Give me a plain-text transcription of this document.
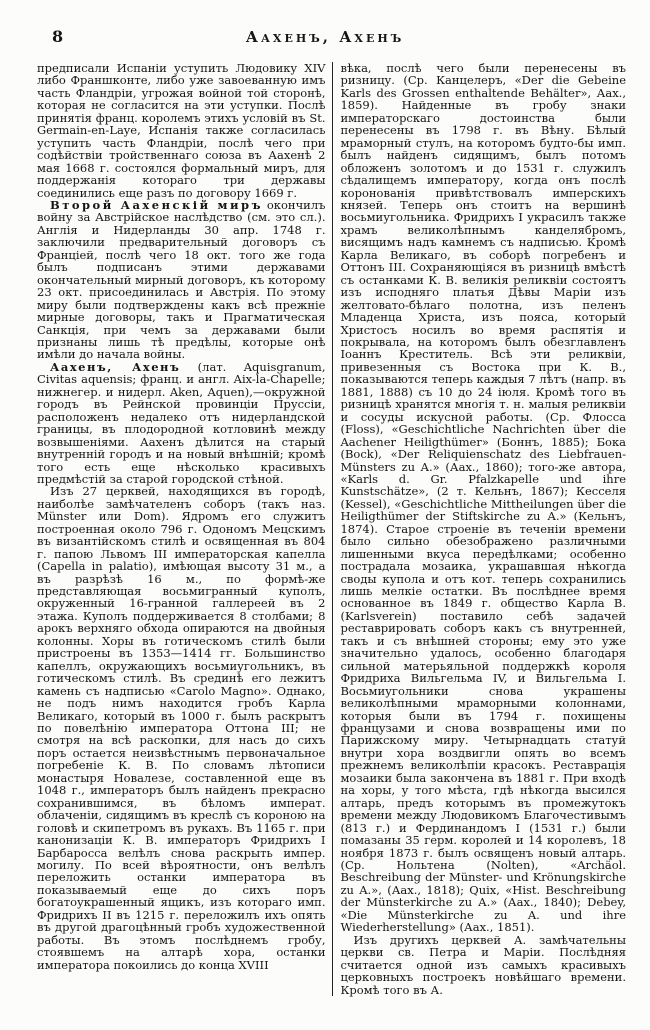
8	Аахенъ, Ахенъ

предписали Испаніи уступить Людовику XIV либо Франшконте, либо уже завоеванную имъ часть Фландріи, угрожая войной той сторонѣ, которая не согласится на эти уступки. Послѣ принятія франц. королемъ этихъ условій въ St. Germain-en-Laye, Испанія также согласилась уступить часть Фландріи, послѣ чего при содѣйствіи тройственнаго союза въ Аахенѣ 2 мая 1668 г. состоялся формальный миръ, для поддержанія котораго три державы соединились еще разъ по договору 1669 г.

Второй Аахенскій миръ окончилъ войну за Австрійское наслѣдство (см. это сл.). Англія и Нидерланды 30 апр. 1748 г. заключили предварительный договоръ съ Франціей, послѣ чего 18 окт. того же года былъ подписанъ этими державами окончательный мирный договоръ, къ которому 23 окт. присоединилась и Австрія. По этому миру были подтверждены какъ всѣ прежніе мирные договоры, такъ и Прагматическая Санкція, при чемъ за державами были признаны лишь тѣ предѣлы, которые онѣ имѣли до начала войны.

Аахенъ, Ахенъ (лат. Aquisgranum, Civitas aquensis; франц. и англ. Aix-la-Chapelle; нижнегер. и нидерл. Aken, Aquen),—окружной городъ въ Рейнской провинціи Пруссіи, расположенъ недалеко отъ нидерландской границы, въ плодородной котловинѣ между возвышеніями. Аахенъ дѣлится на старый внутренній городъ и на новый внѣшній; кромѣ того есть еще нѣсколько красивыхъ предмѣстій за старой городской стѣной.

Изъ 27 церквей, находящихся въ городѣ, наиболѣе замѣчателенъ соборъ (такъ наз. Münster или Dom). Ядромъ его служитъ построенная около 796 г. Одономъ Мецскимъ въ византійскомъ стилѣ и освященная въ 804 г. папою Львомъ III императорская капелла (Capella in palatio), имѣющая высоту 31 м., а въ разрѣзѣ 16 м., по формѣ-же представляющая восьмигранный куполъ, окруженный 16-гранной галлереей въ 2 этажа. Куполъ поддерживается 8 столбами; 8 арокъ верхняго обхода опираются на двойныя колонны. Хоры въ готическомъ стилѣ были пристроены въ 1353—1414 гг. Большинство капеллъ, окружающихъ восьмиугольникъ, въ готическомъ стилѣ. Въ срединѣ его лежитъ камень съ надписью «Carolo Magno». Однако, не подъ нимъ находится гробъ Карла Великаго, который въ 1000 г. былъ раскрытъ по повелѣнію императора Оттона III; не смотря на всѣ раскопки, для насъ до сихъ поръ остается неизвѣстнымъ первоначальное погребеніе К. В. По словамъ лѣтописи монастыря Новалезе, составленной еще въ 1048 г., императоръ былъ найденъ прекрасно сохранившимся, въ бѣломъ императ. облаченіи, сидящимъ въ креслѣ съ короною на головѣ и скипетромъ въ рукахъ. Въ 1165 г. при канонизаціи К. В. императоръ Фридрихъ I Барбаросса велѣлъ снова раскрыть импер. могилу. По всей вѣроятности, онъ велѣлъ переложить останки императора въ показываемый еще до сихъ поръ богатоукрашенный ящикъ, изъ котораго имп. Фридрихъ II въ 1215 г. переложилъ ихъ опять въ другой драгоцѣнный гробъ художественной работы. Въ этомъ послѣднемъ гробу, стоявшемъ на алтарѣ хора, останки императора покоились до конца XVIII

вѣка, послѣ чего были перенесены въ ризницу. (Ср. Канцелеръ, «Der die Gebeine Karls des Grossen enthaltende Behälter», Аах., 1859). Найденные въ гробу знаки императорскаго достоинства были перенесены въ 1798 г. въ Вѣну. Бѣлый мраморный стулъ, на которомъ будто-бы имп. былъ найденъ сидящимъ, былъ потомъ обложенъ золотомъ и до 1531 г. служилъ сѣдалищемъ императору, когда онъ послѣ коронованія привѣтствовалъ имперскихъ князей. Теперь онъ стоитъ на вершинѣ восьмиугольника. Фридрихъ I украсилъ также храмъ великолѣпнымъ канделябромъ, висящимъ надъ камнемъ съ надписью. Кромѣ Карла Великаго, въ соборѣ погребенъ и Оттонъ III. Сохраняющіяся въ ризницѣ вмѣстѣ съ останками К. В. великія реликвіи состоятъ изъ исподняго платья Дѣвы Маріи изъ желтовато-бѣлаго полотна, изъ пеленъ Младенца Христа, изъ пояса, который Христосъ носилъ во время распятія и покрывала, на которомъ былъ обезглавленъ Іоаннъ Креститель. Всѣ эти реликвіи, привезенныя съ Востока при К. В., показываются теперь каждыя 7 лѣтъ (напр. въ 1881, 1888) съ 10 до 24 іюля. Кромѣ того въ ризницѣ хранятся многія т. н. малыя реликвіи и сосуды искусной работы. (Ср. Флосса (Floss), «Geschichtliche Nachrichten über die Aachener Heiligthümer» (Боннъ, 1885); Бока (Bock), «Der Reliquienschatz des Liebfrauen-Münsters zu A.» (Аах., 1860); того-же автора, «Karls d. Gr. Pfalzkapelle und ihre Kunstschätze», (2 т. Кельнъ, 1867); Кесселя (Kessel), «Geschichtliche Mittheilungen über die Heiligthümer der Stiftskirche zu A.» (Кельнъ, 1874). Старое строеніе въ теченіи времени было сильно обезображено различными лишенными вкуса передѣлками; особенно пострадала мозаика, украшавшая нѣкогда своды купола и отъ кот. теперь сохранились лишь мелкіе остатки. Въ послѣднее время основанное въ 1849 г. общество Карла В. (Karlsverein) поставило себѣ задачей реставрировать соборъ какъ съ внутренней, такъ и съ внѣшней стороны; ему это уже значительно удалось, особенно благодаря сильной матерьяльной поддержкѣ короля Фридриха Вильгельма IV, и Вильгельма I. Восьмиугольники снова украшены великолѣпными мраморными колоннами, которыя были въ 1794 г. похищены французами и снова возвращены ими по Парижскому миру. Четырнадцать статуй внутри хора воздвигли опять во всемъ прежнемъ великолѣпіи красокъ. Реставрація мозаики была закончена въ 1881 г. При входѣ на хоры, у того мѣста, гдѣ нѣкогда высился алтарь, предъ которымъ въ промежутокъ времени между Людовикомъ Благочестивымъ (813 г.) и Фердинандомъ I (1531 г.) были помазаны 35 герм. королей и 14 королевъ, 18 ноября 1873 г. былъ освященъ новый алтарь. (Ср. Нольтена (Nolten), «Archäol. Beschreibung der Münster- und Krönungskirche zu A.», (Аах., 1818); Quix, «Hist. Beschreibung der Münsterkirche zu A.» (Аах., 1840); Debey, «Die Münsterkirche zu A. und ihre Wiederherstellung» (Аах., 1851).

Изъ другихъ церквей А. замѣчательны церкви св. Петра и Маріи. Послѣдняя считается одной изъ самыхъ красивыхъ церковныхъ построекъ новѣйшаго времени. Кромѣ того въ А.
